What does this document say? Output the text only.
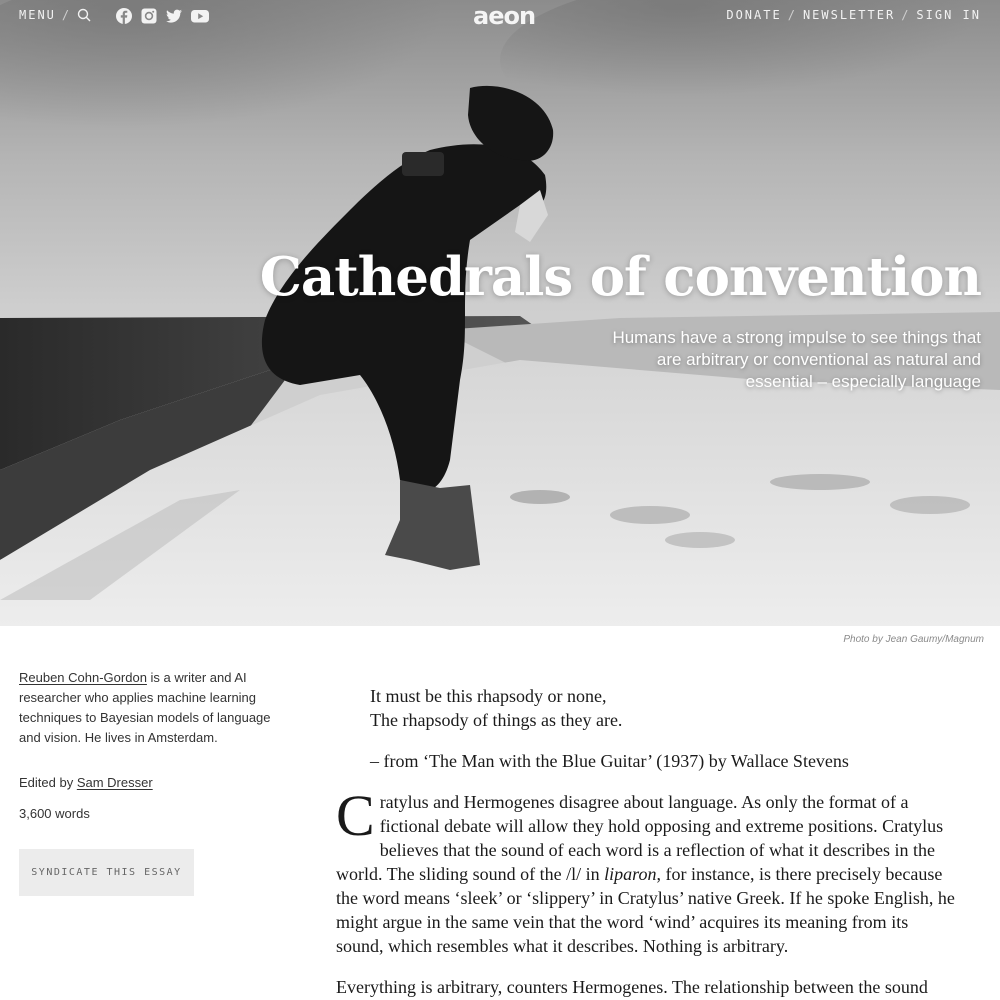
MENU /	aeon	DONATE / NEWSLETTER / SIGN IN
Cathedrals of convention

Humans have a strong impulse to see things that are arbitrary or conventional as natural and essential – especially language

Photo by Jean Gaumy/Magnum

Reuben Cohn-Gordon is a writer and AI researcher who applies machine learning techniques to Bayesian models of language and vision. He lives in Amsterdam.

Edited by Sam Dresser

3,600 words

SYNDICATE THIS ESSAY
It must be this rhapsody or none,
The rhapsody of things as they are.
– from ‘The Man with the Blue Guitar’ (1937) by Wallace Stevens

Cratylus and Hermogenes disagree about language. As only the format of a fictional debate will allow they hold opposing and extreme positions. Cratylus believes that the sound of each word is a reflection of what it describes in the world. The sliding sound of the /l/ in liparon, for instance, is there precisely because the word means ‘sleek’ or ‘slippery’ in Cratylus’ native Greek. If he spoke English, he might argue in the same vein that the word ‘wind’ acquires its meaning from its sound, which resembles what it describes. Nothing is arbitrary.

Everything is arbitrary, counters Hermogenes. The relationship between the sound
